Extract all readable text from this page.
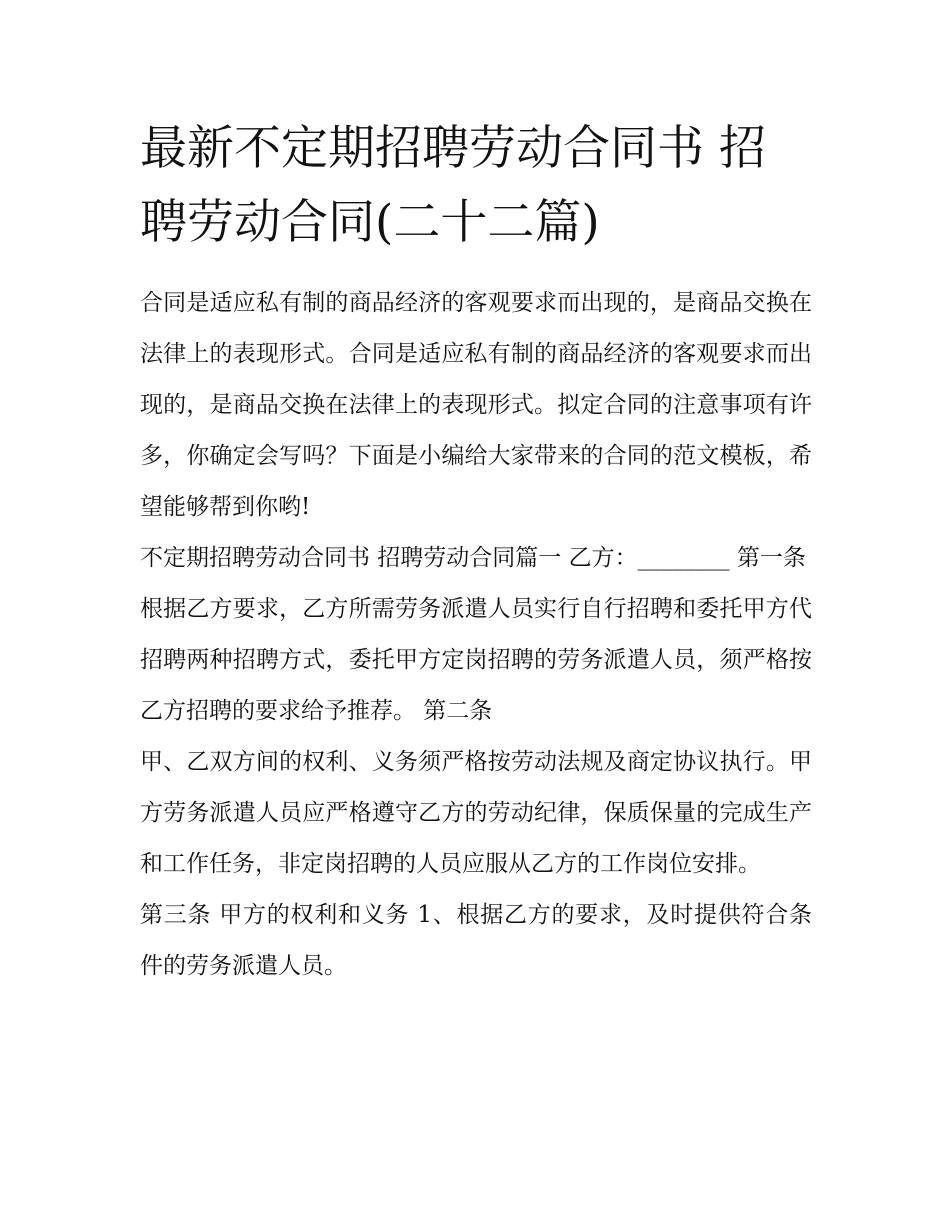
最新不定期招聘劳动合同书 招聘劳动合同(二十二篇)

合同是适应私有制的商品经济的客观要求而出现的，是商品交换在法律上的表现形式。合同是适应私有制的商品经济的客观要求而出现的，是商品交换在法律上的表现形式。拟定合同的注意事项有许多，你确定会写吗？下面是小编给大家带来的合同的范文模板，希望能够帮到你哟!

不定期招聘劳动合同书 招聘劳动合同篇一 乙方：________ 第一条

根据乙方要求，乙方所需劳务派遣人员实行自行招聘和委托甲方代招聘两种招聘方式，委托甲方定岗招聘的劳务派遣人员，须严格按乙方招聘的要求给予推荐。 第二条

甲、乙双方间的权利、义务须严格按劳动法规及商定协议执行。甲方劳务派遣人员应严格遵守乙方的劳动纪律，保质保量的完成生产和工作任务，非定岗招聘的人员应服从乙方的工作岗位安排。

第三条 甲方的权利和义务 1、根据乙方的要求，及时提供符合条件的劳务派遣人员。
